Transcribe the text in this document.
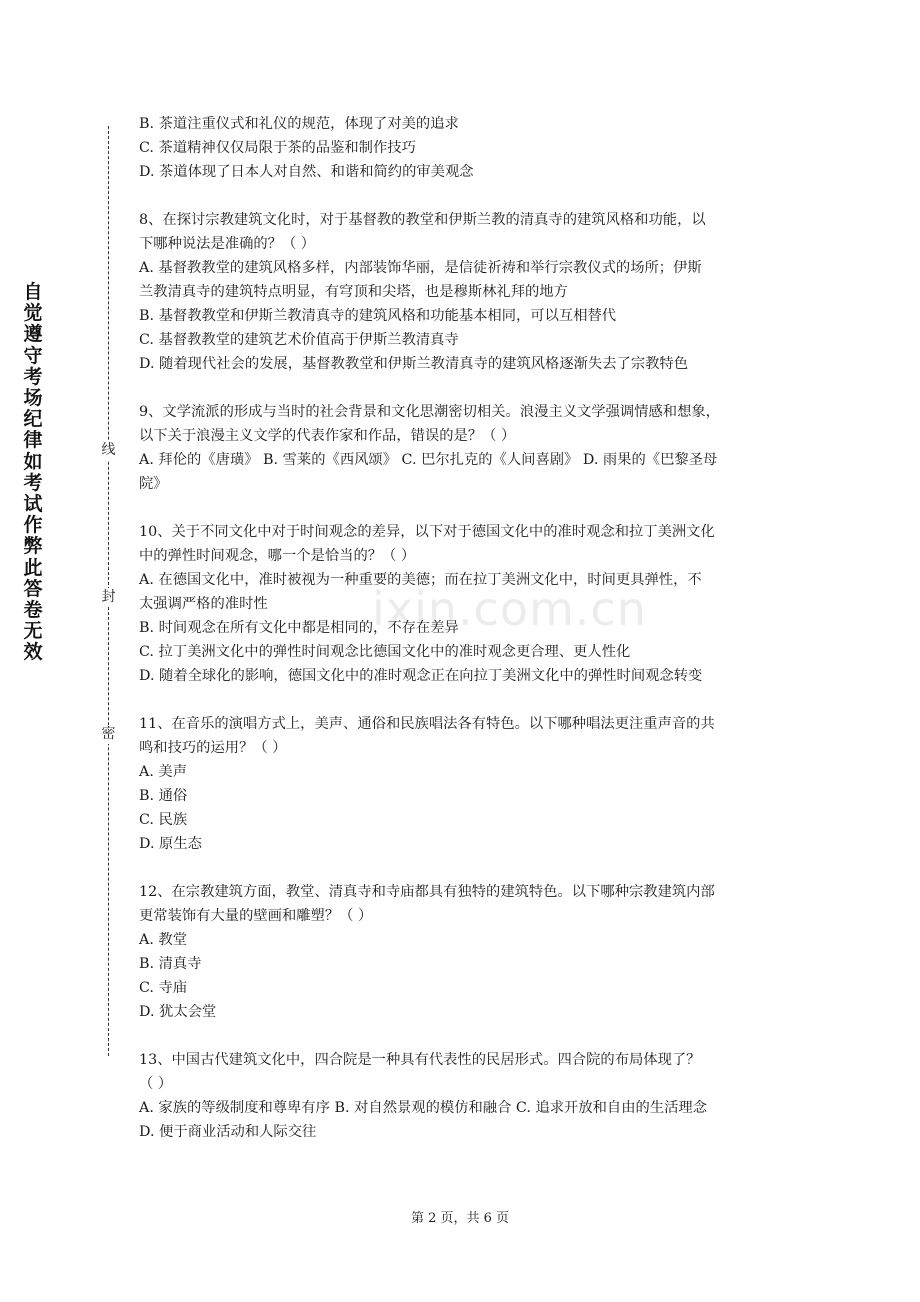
自觉遵守考场纪律如考试作弊此答卷无效
线
封
密
ixin.com.cn
B. 茶道注重仪式和礼仪的规范，体现了对美的追求
C. 茶道精神仅仅局限于茶的品鉴和制作技巧
D. 茶道体现了日本人对自然、和谐和简约的审美观念
8、在探讨宗教建筑文化时，对于基督教的教堂和伊斯兰教的清真寺的建筑风格和功能，以
下哪种说法是准确的？（ ）
A. 基督教教堂的建筑风格多样，内部装饰华丽，是信徒祈祷和举行宗教仪式的场所；伊斯
兰教清真寺的建筑特点明显，有穹顶和尖塔，也是穆斯林礼拜的地方
B. 基督教教堂和伊斯兰教清真寺的建筑风格和功能基本相同，可以互相替代
C. 基督教教堂的建筑艺术价值高于伊斯兰教清真寺
D. 随着现代社会的发展，基督教教堂和伊斯兰教清真寺的建筑风格逐渐失去了宗教特色
9、文学流派的形成与当时的社会背景和文化思潮密切相关。浪漫主义文学强调情感和想象，
以下关于浪漫主义文学的代表作家和作品，错误的是？（ ）
A. 拜伦的《唐璜》 B. 雪莱的《西风颂》 C. 巴尔扎克的《人间喜剧》 D. 雨果的《巴黎圣母
院》
10、关于不同文化中对于时间观念的差异，以下对于德国文化中的准时观念和拉丁美洲文化
中的弹性时间观念，哪一个是恰当的？（ ）
A. 在德国文化中，准时被视为一种重要的美德；而在拉丁美洲文化中，时间更具弹性，不
太强调严格的准时性
B. 时间观念在所有文化中都是相同的，不存在差异
C. 拉丁美洲文化中的弹性时间观念比德国文化中的准时观念更合理、更人性化
D. 随着全球化的影响，德国文化中的准时观念正在向拉丁美洲文化中的弹性时间观念转变
11、在音乐的演唱方式上，美声、通俗和民族唱法各有特色。以下哪种唱法更注重声音的共
鸣和技巧的运用？（ ）
A. 美声
B. 通俗
C. 民族
D. 原生态
12、在宗教建筑方面，教堂、清真寺和寺庙都具有独特的建筑特色。以下哪种宗教建筑内部
更常装饰有大量的壁画和雕塑？（ ）
A. 教堂
B. 清真寺
C. 寺庙
D. 犹太会堂
13、中国古代建筑文化中，四合院是一种具有代表性的民居形式。四合院的布局体现了？
（ ）
A. 家族的等级制度和尊卑有序 B. 对自然景观的模仿和融合 C. 追求开放和自由的生活理念
D. 便于商业活动和人际交往
第 2 页，共 6 页
